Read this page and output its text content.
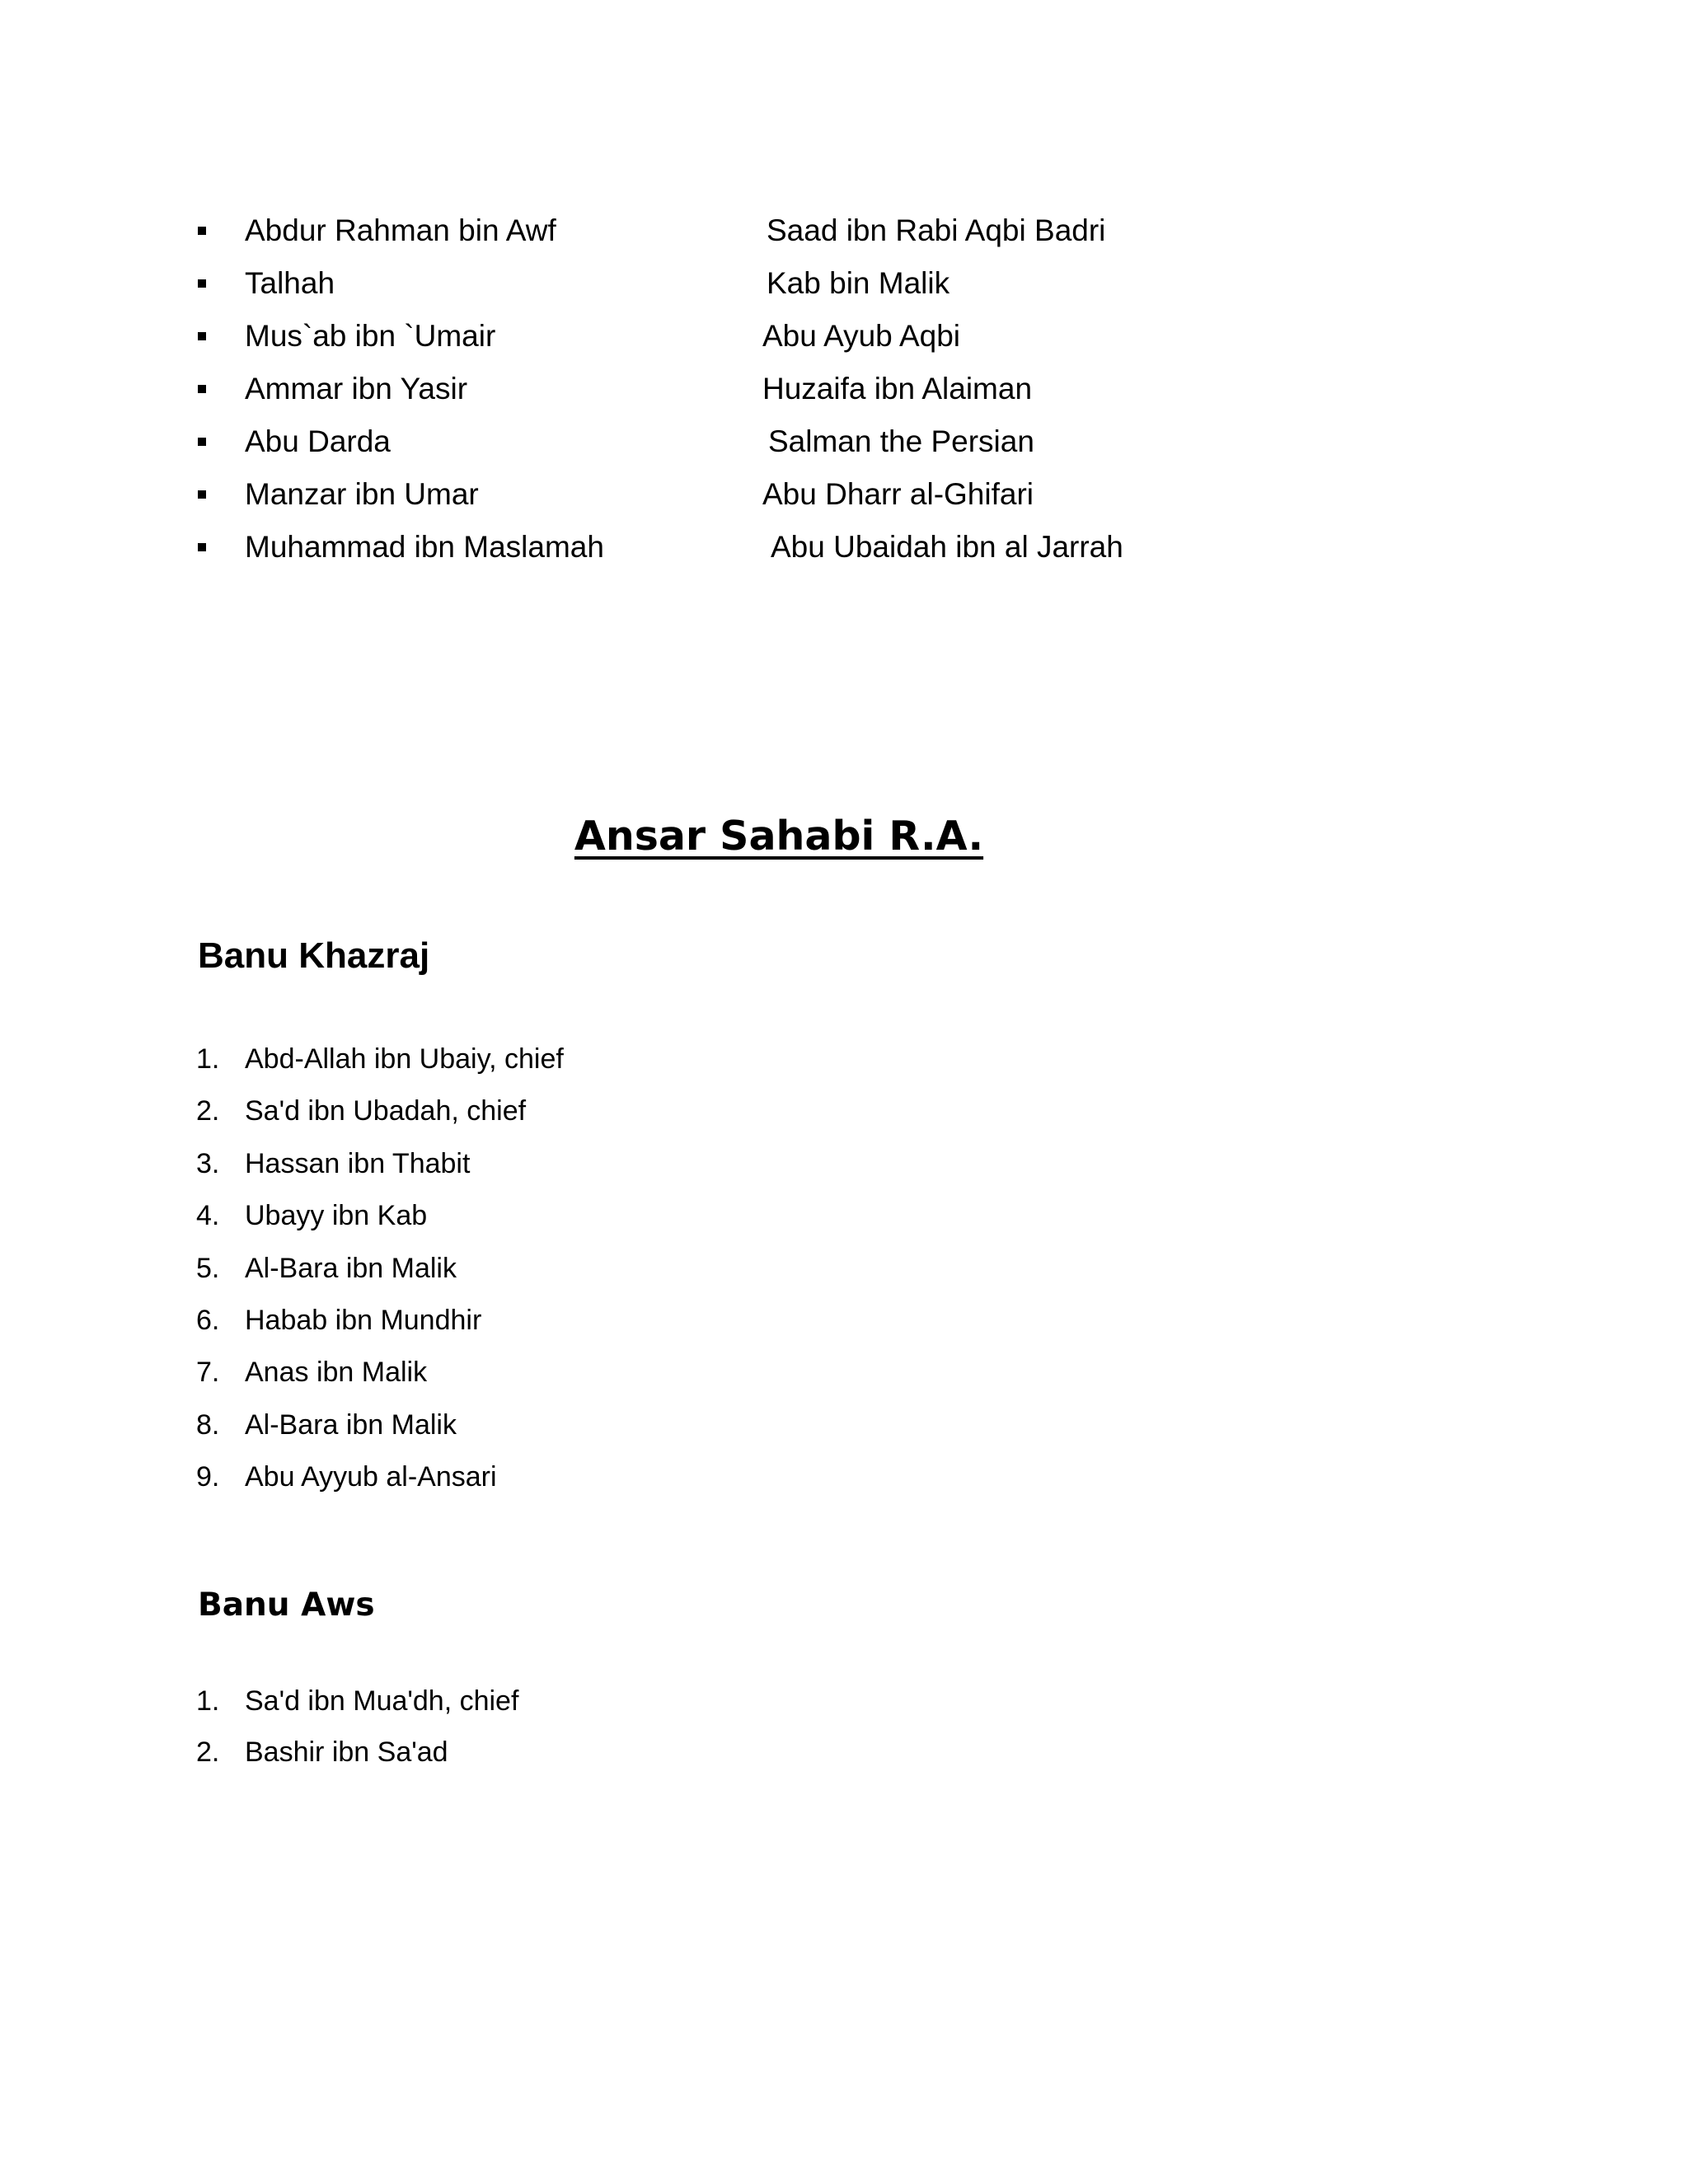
Abdur Rahman bin Awf	Saad ibn Rabi Aqbi Badri
Talhah	Kab bin Malik
Mus`ab ibn `Umair	Abu Ayub Aqbi
Ammar ibn Yasir	Huzaifa ibn Alaiman
Abu Darda	Salman the Persian
Manzar ibn Umar	Abu Dharr al-Ghifari
Muhammad ibn Maslamah	Abu Ubaidah ibn al Jarrah
Ansar Sahabi R.A.
Banu Khazraj
1. Abd-Allah ibn Ubaiy, chief
2. Sa'd ibn Ubadah, chief
3. Hassan ibn Thabit
4. Ubayy ibn Kab
5. Al-Bara ibn Malik
6. Habab ibn Mundhir
7. Anas ibn Malik
8. Al-Bara ibn Malik
9. Abu Ayyub al-Ansari
Banu Aws
1. Sa'd ibn Mua'dh, chief
2. Bashir ibn Sa'ad
